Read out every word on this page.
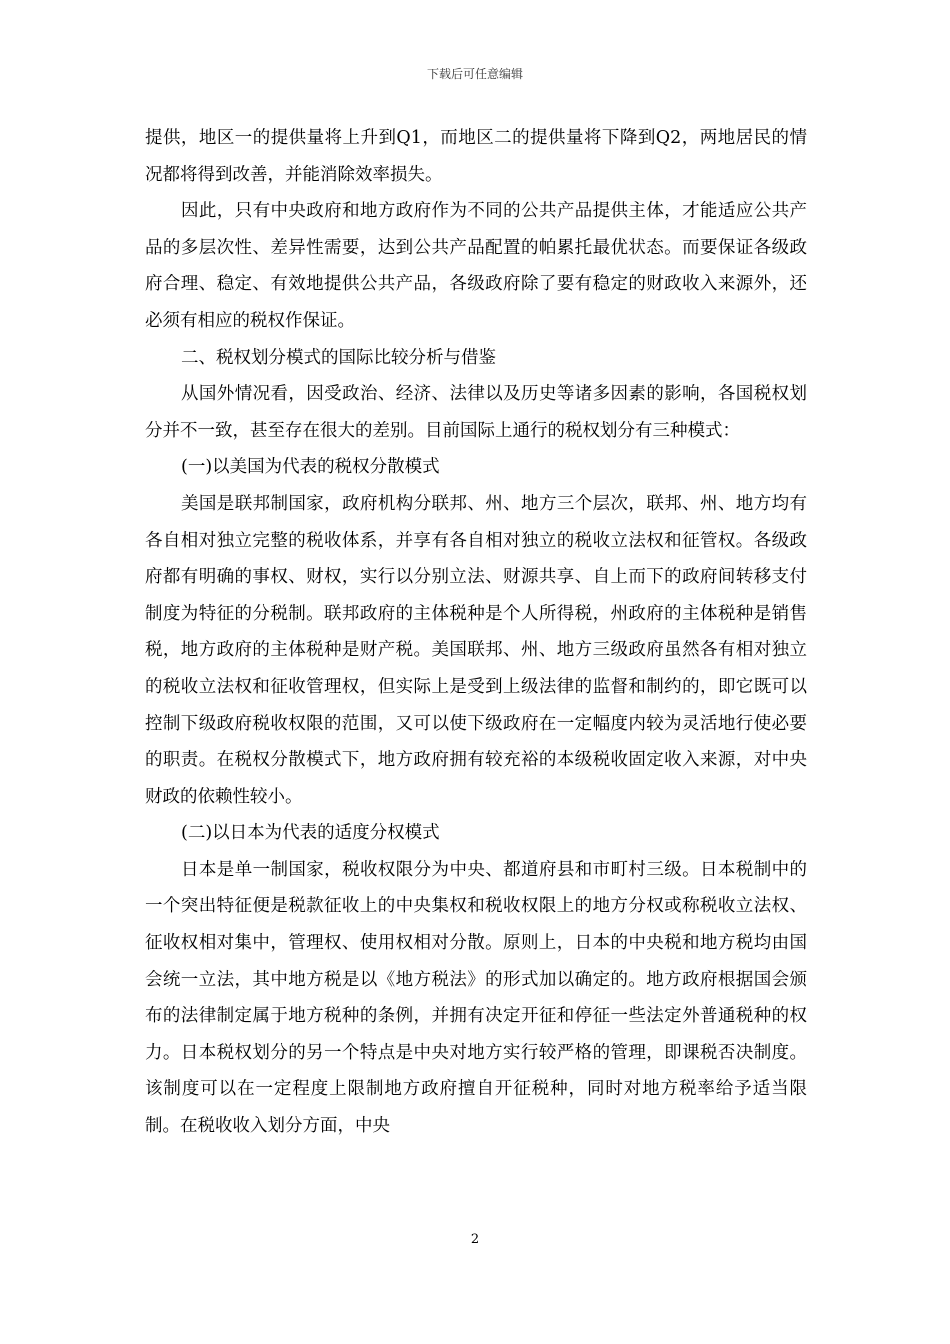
下载后可任意编辑

提供，地区一的提供量将上升到Q1，而地区二的提供量将下降到Q2，两地居民的情况都将得到改善，并能消除效率损失。

因此，只有中央政府和地方政府作为不同的公共产品提供主体，才能适应公共产品的多层次性、差异性需要，达到公共产品配置的帕累托最优状态。而要保证各级政府合理、稳定、有效地提供公共产品，各级政府除了要有稳定的财政收入来源外，还必须有相应的税权作保证。

二、税权划分模式的国际比较分析与借鉴

从国外情况看，因受政治、经济、法律以及历史等诸多因素的影响，各国税权划分并不一致，甚至存在很大的差别。目前国际上通行的税权划分有三种模式：

(一)以美国为代表的税权分散模式

美国是联邦制国家，政府机构分联邦、州、地方三个层次，联邦、州、地方均有各自相对独立完整的税收体系，并享有各自相对独立的税收立法权和征管权。各级政府都有明确的事权、财权，实行以分别立法、财源共享、自上而下的政府间转移支付制度为特征的分税制。联邦政府的主体税种是个人所得税，州政府的主体税种是销售税，地方政府的主体税种是财产税。美国联邦、州、地方三级政府虽然各有相对独立的税收立法权和征收管理权，但实际上是受到上级法律的监督和制约的，即它既可以控制下级政府税收权限的范围，又可以使下级政府在一定幅度内较为灵活地行使必要的职责。在税权分散模式下，地方政府拥有较充裕的本级税收固定收入来源，对中央财政的依赖性较小。

(二)以日本为代表的适度分权模式

日本是单一制国家，税收权限分为中央、都道府县和市町村三级。日本税制中的一个突出特征便是税款征收上的中央集权和税收权限上的地方分权或称税收立法权、征收权相对集中，管理权、使用权相对分散。原则上，日本的中央税和地方税均由国会统一立法，其中地方税是以《地方税法》的形式加以确定的。地方政府根据国会颁布的法律制定属于地方税种的条例，并拥有决定开征和停征一些法定外普通税种的权力。日本税权划分的另一个特点是中央对地方实行较严格的管理，即课税否决制度。该制度可以在一定程度上限制地方政府擅自开征税种，同时对地方税率给予适当限制。在税收收入划分方面，中央

2
